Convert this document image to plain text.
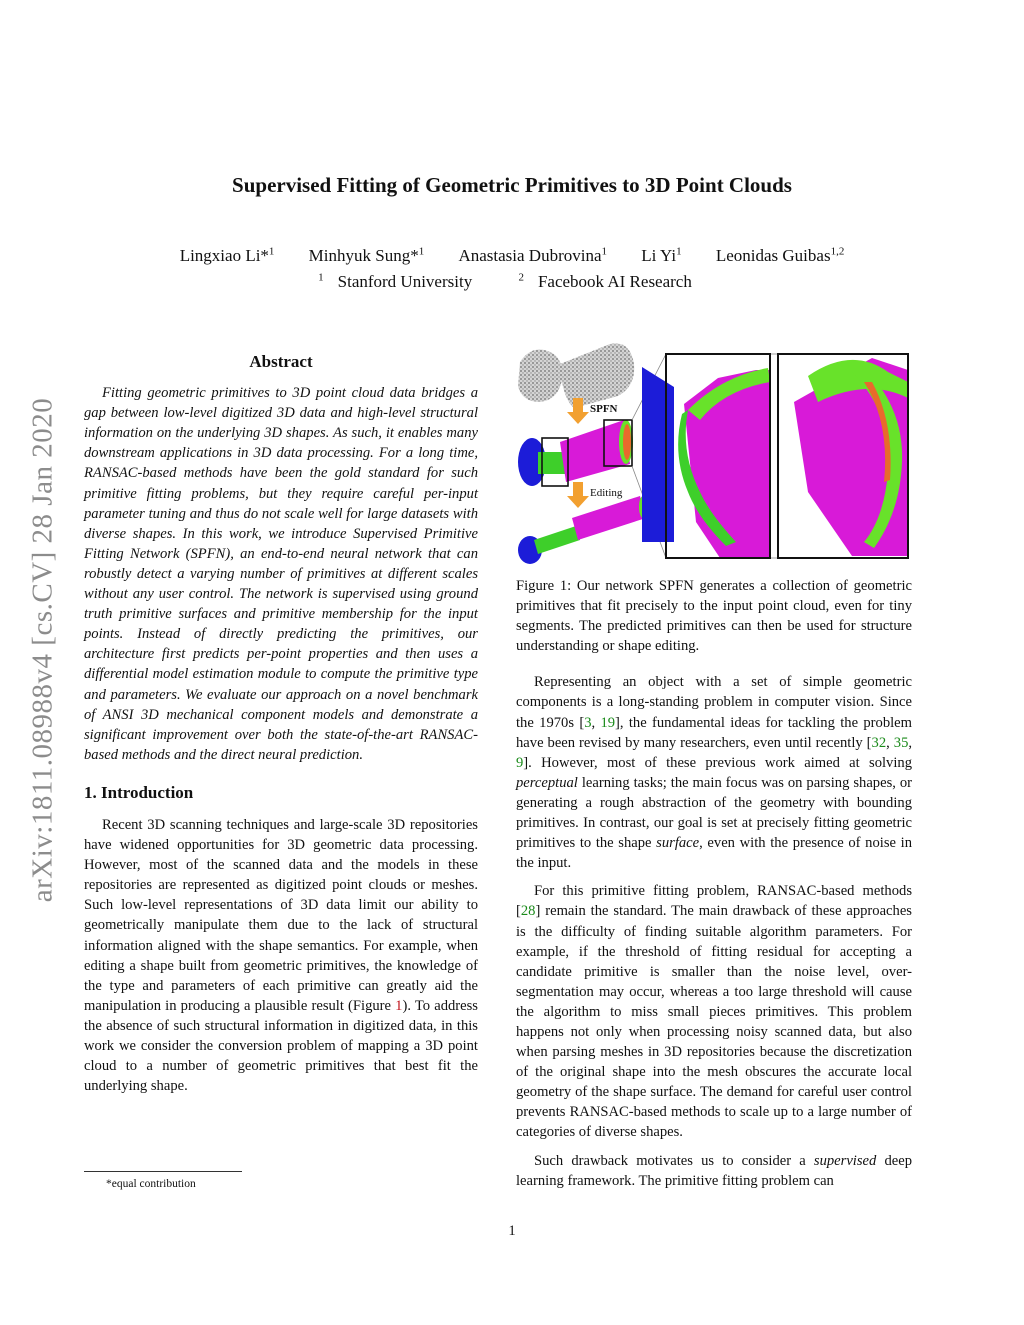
arXiv:1811.08988v4 [cs.CV] 28 Jan 2020
Supervised Fitting of Geometric Primitives to 3D Point Clouds
Lingxiao Li*$^1$ Minhyuk Sung*$^1$ Anastasia Dubrovina$^1$ Li Yi$^1$ Leonidas Guibas$^{1,2}$
$^1$ Stanford University	$^2$ Facebook AI Research

Abstract

Fitting geometric primitives to 3D point cloud data bridges a gap between low-level digitized 3D data and high-level structural information on the underlying 3D shapes. As such, it enables many downstream applications in 3D data processing. For a long time, RANSAC-based methods have been the gold standard for such primitive fitting problems, but they require careful per-input parameter tuning and thus do not scale well for large datasets with diverse shapes. In this work, we introduce Supervised Primitive Fitting Network (SPFN), an end-to-end neural network that can robustly detect a varying number of primitives at different scales without any user control. The network is supervised using ground truth primitive surfaces and primitive membership for the input points. Instead of directly predicting the primitives, our architecture first predicts per-point properties and then uses a differential model estimation module to compute the primitive type and parameters. We evaluate our approach on a novel benchmark of ANSI 3D mechanical component models and demonstrate a significant improvement over both the state-of-the-art RANSAC-based methods and the direct neural prediction.

1. Introduction

Recent 3D scanning techniques and large-scale 3D repositories have widened opportunities for 3D geometric data processing. However, most of the scanned data and the models in these repositories are represented as digitized point clouds or meshes. Such low-level representations of 3D data limit our ability to geometrically manipulate them due to the lack of structural information aligned with the shape semantics. For example, when editing a shape built from geometric primitives, the knowledge of the type and parameters of each primitive can greatly aid the manipulation in producing a plausible result (Figure 1). To address the absence of such structural information in digitized data, in this work we consider the conversion problem of mapping a 3D point cloud to a number of geometric primitives that best fit the underlying shape.

*equal contribution
SPFN
Editing

Figure 1: Our network SPFN generates a collection of geometric primitives that fit precisely to the input point cloud, even for tiny segments. The predicted primitives can then be used for structure understanding or shape editing.

Representing an object with a set of simple geometric components is a long-standing problem in computer vision. Since the 1970s [3, 19], the fundamental ideas for tackling the problem have been revised by many researchers, even until recently [32, 35, 9]. However, most of these previous work aimed at solving perceptual learning tasks; the main focus was on parsing shapes, or generating a rough abstraction of the geometry with bounding primitives. In contrast, our goal is set at precisely fitting geometric primitives to the shape surface, even with the presence of noise in the input.

For this primitive fitting problem, RANSAC-based methods [28] remain the standard. The main drawback of these approaches is the difficulty of finding suitable algorithm parameters. For example, if the threshold of fitting residual for accepting a candidate primitive is smaller than the noise level, over-segmentation may occur, whereas a too large threshold will cause the algorithm to miss small pieces primitives. This problem happens not only when processing noisy scanned data, but also when parsing meshes in 3D repositories because the discretization of the original shape into the mesh obscures the accurate local geometry of the shape surface. The demand for careful user control prevents RANSAC-based methods to scale up to a large number of categories of diverse shapes.

Such drawback motivates us to consider a supervised deep learning framework. The primitive fitting problem can

1
